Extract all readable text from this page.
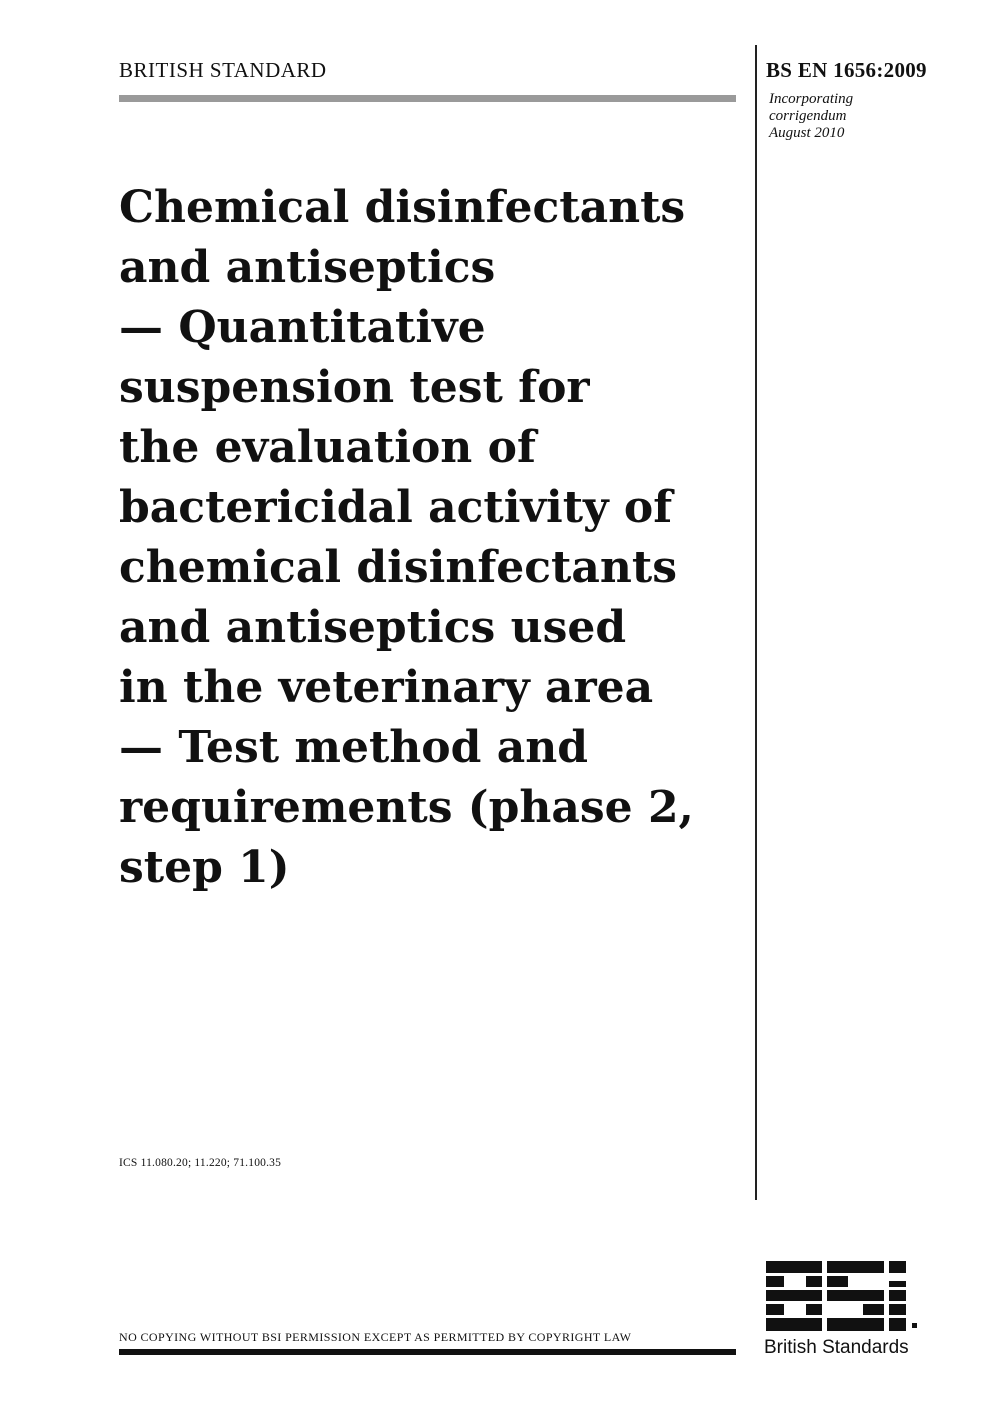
BRITISH STANDARD	BS EN 1656:2009
Incorporating
corrigendum
August 2010
Chemical disinfectants
and antiseptics
— Quantitative
suspension test for
the evaluation of
bactericidal activity of
chemical disinfectants
and antiseptics used
in the veterinary area
— Test method and
requirements (phase 2,
step 1)
ICS 11.080.20; 11.220; 71.100.35
NO COPYING WITHOUT BSI PERMISSION EXCEPT AS PERMITTED BY COPYRIGHT LAW	British Standards
